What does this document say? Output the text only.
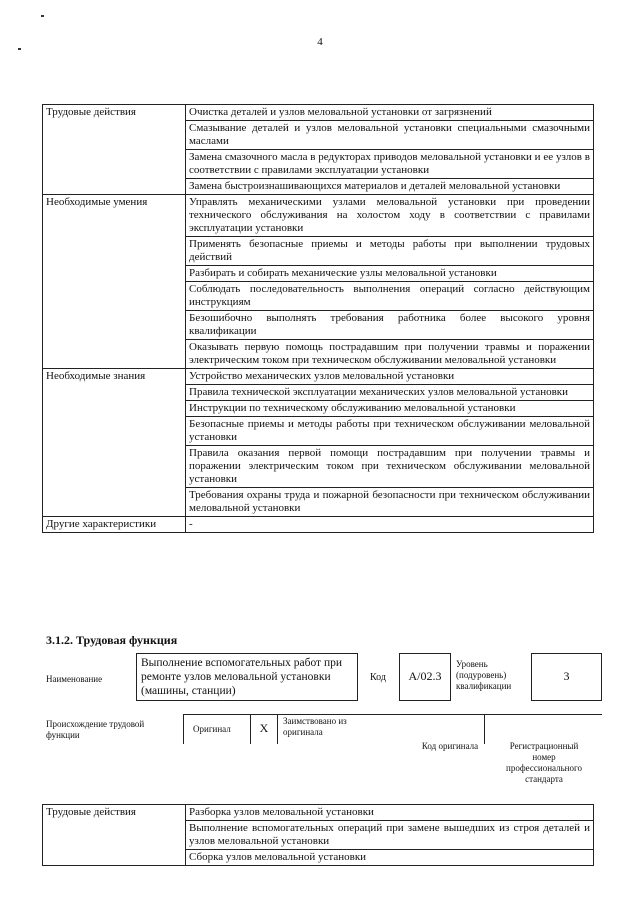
4
Трудовые действия	Очистка деталей и узлов меловальной установки от загрязнений
	Смазывание деталей и узлов меловальной установки специальными смазочными маслами
	Замена смазочного масла в редукторах приводов меловальной установки и ее узлов в соответствии с правилами эксплуатации установки
	Замена быстроизнашивающихся материалов и деталей меловальной установки
Необходимые умения	Управлять механическими узлами меловальной установки при проведении технического обслуживания на холостом ходу в соответствии с правилами эксплуатации установки
	Применять безопасные приемы и методы работы при выполнении трудовых действий
	Разбирать и собирать механические узлы меловальной установки
	Соблюдать последовательность выполнения операций согласно действующим инструкциям
	Безошибочно выполнять требования работника более высокого уровня квалификации
	Оказывать первую помощь пострадавшим при получении травмы и поражении электрическим током при техническом обслуживании меловальной установки
Необходимые знания	Устройство механических узлов меловальной установки
	Правила технической эксплуатации механических узлов меловальной установки
	Инструкции по техническому обслуживанию меловальной установки
	Безопасные приемы и методы работы при техническом обслуживании меловальной установки
	Правила оказания первой помощи пострадавшим при получении травмы и поражении электрическим током при техническом обслуживании меловальной установки
	Требования охраны труда и пожарной безопасности при техническом обслуживании меловальной установки
Другие характеристики	-
3.1.2. Трудовая функция
Наименование
Выполнение вспомогательных работ при ремонте узлов меловальной установки (машины, станции)
Код	А/02.3
Уровень (подуровень) квалификации
3
Происхождение трудовой функции
Оригинал	Х	Заимствовано из оригинала
Код оригинала	Регистрационный номер профессионального стандарта
Трудовые действия	Разборка узлов меловальной установки
Выполнение вспомогательных операций при замене вышедших из строя деталей и узлов меловальной установки
Сборка узлов меловальной установки
